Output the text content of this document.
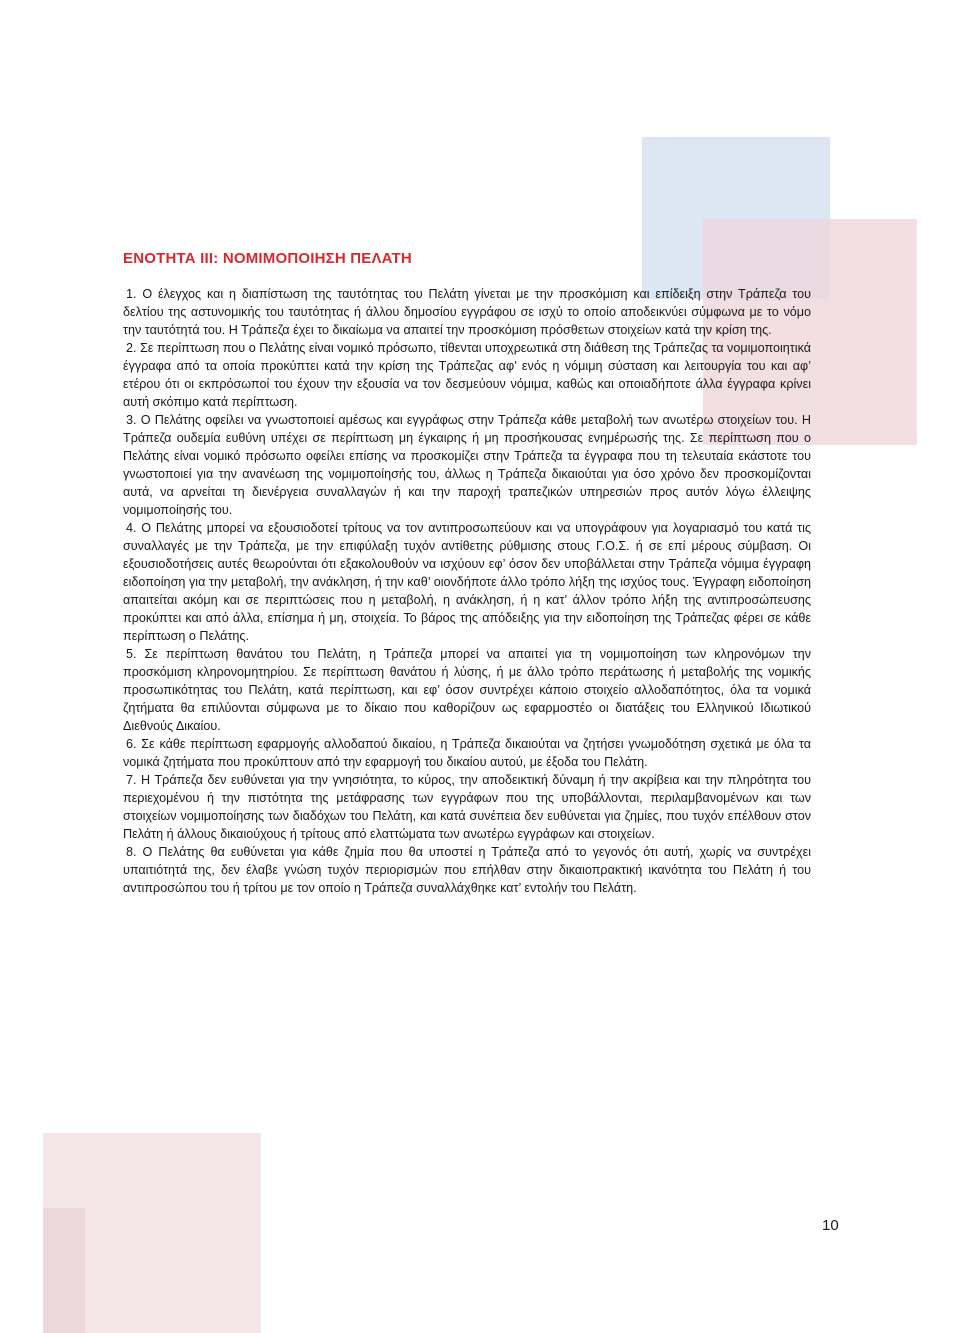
ΕΝΟΤΗΤΑ III: ΝΟΜΙΜΟΠΟΙΗΣΗ ΠΕΛΑΤΗ

1. Ο έλεγχος και η διαπίστωση της ταυτότητας του Πελάτη γίνεται με την προσκόμιση και επίδειξη στην Τράπεζα του δελτίου της αστυνομικής του ταυτότητας ή άλλου δημοσίου εγγράφου σε ισχύ το οποίο αποδεικνύει σύμφωνα με το νόμο την ταυτότητά του. Η Τράπεζα έχει το δικαίωμα να απαιτεί την προσκόμιση πρόσθετων στοιχείων κατά την κρίση της.

2. Σε περίπτωση που ο Πελάτης είναι νομικό πρόσωπο, τίθενται υποχρεωτικά στη διάθεση της Τράπεζας τα νομιμοποιητικά έγγραφα από τα οποία προκύπτει κατά την κρίση της Τράπεζας αφ’ ενός η νόμιμη σύσταση και λειτουργία του και αφ’ ετέρου ότι οι εκπρόσωποί του έχουν την εξουσία να τον δεσμεύουν νόμιμα, καθώς και οποιαδήποτε άλλα έγγραφα κρίνει αυτή σκόπιμο κατά περίπτωση.

3. Ο Πελάτης οφείλει να γνωστοποιεί αμέσως και εγγράφως στην Τράπεζα κάθε μεταβολή των ανωτέρω στοιχείων του. Η Τράπεζα ουδεμία ευθύνη υπέχει σε περίπτωση μη έγκαιρης ή μη προσήκουσας ενημέρωσής της. Σε περίπτωση που ο Πελάτης είναι νομικό πρόσωπο οφείλει επίσης να προσκομίζει στην Τράπεζα τα έγγραφα που τη τελευταία εκάστοτε του γνωστοποιεί για την ανανέωση της νομιμοποίησής του, άλλως η Τράπεζα δικαιούται για όσο χρόνο δεν προσκομίζονται αυτά, να αρνείται τη διενέργεια συναλλαγών ή και την παροχή τραπεζικών υπηρεσιών προς αυτόν λόγω έλλειψης νομιμοποίησής του.

4. Ο Πελάτης μπορεί να εξουσιοδοτεί τρίτους να τον αντιπροσωπεύουν και να υπογράφουν για λογαριασμό του κατά τις συναλλαγές με την Τράπεζα, με την επιφύλαξη τυχόν αντίθετης ρύθμισης στους Γ.Ο.Σ. ή σε επί μέρους σύμβαση. Οι εξουσιοδοτήσεις αυτές θεωρούνται ότι εξακολουθούν να ισχύουν εφ’ όσον δεν υποβάλλεται στην Τράπεζα νόμιμα έγγραφη ειδοποίηση για την μεταβολή, την ανάκληση, ή την καθ’ οιονδήποτε άλλο τρόπο λήξη της ισχύος τους. Έγγραφη ειδοποίηση απαιτείται ακόμη και σε περιπτώσεις που η μεταβολή, η ανάκληση, ή η κατ’ άλλον τρόπο λήξη της αντιπροσώπευσης προκύπτει και από άλλα, επίσημα ή μη, στοιχεία. Το βάρος της απόδειξης για την ειδοποίηση της Τράπεζας φέρει σε κάθε περίπτωση ο Πελάτης.

5. Σε περίπτωση θανάτου του Πελάτη, η Τράπεζα μπορεί να απαιτεί για τη νομιμοποίηση των κληρονόμων την προσκόμιση κληρονομητηρίου. Σε περίπτωση θανάτου ή λύσης, ή με άλλο τρόπο περάτωσης ή μεταβολής της νομικής προσωπικότητας του Πελάτη, κατά περίπτωση, και εφ’ όσον συντρέχει κάποιο στοιχείο αλλοδαπότητος, όλα τα νομικά ζητήματα θα επιλύονται σύμφωνα με το δίκαιο που καθορίζουν ως εφαρμοστέο οι διατάξεις του Ελληνικού Ιδιωτικού Διεθνούς Δικαίου.

6. Σε κάθε περίπτωση εφαρμογής αλλοδαπού δικαίου, η Τράπεζα δικαιούται να ζητήσει γνωμοδότηση σχετικά με όλα τα νομικά ζητήματα που προκύπτουν από την εφαρμογή του δικαίου αυτού, με έξοδα του Πελάτη.

7. Η Τράπεζα δεν ευθύνεται για την γνησιότητα, το κύρος, την αποδεικτική δύναμη ή την ακρίβεια και την πληρότητα του περιεχομένου ή την πιστότητα της μετάφρασης των εγγράφων που της υποβάλλονται, περιλαμβανομένων και των στοιχείων νομιμοποίησης των διαδόχων του Πελάτη, και κατά συνέπεια δεν ευθύνεται για ζημίες, που τυχόν επέλθουν στον Πελάτη ή άλλους δικαιούχους ή τρίτους από ελαττώματα των ανωτέρω εγγράφων και στοιχείων.

8. Ο Πελάτης θα ευθύνεται για κάθε ζημία που θα υποστεί η Τράπεζα από το γεγονός ότι αυτή, χωρίς να συντρέχει υπαιτιότητά της, δεν έλαβε γνώση τυχόν περιορισμών που επήλθαν στην δικαιοπρακτική ικανότητα του Πελάτη ή του αντιπροσώπου του ή τρίτου με τον οποίο η Τράπεζα συναλλάχθηκε κατ’ εντολήν του Πελάτη.

10
